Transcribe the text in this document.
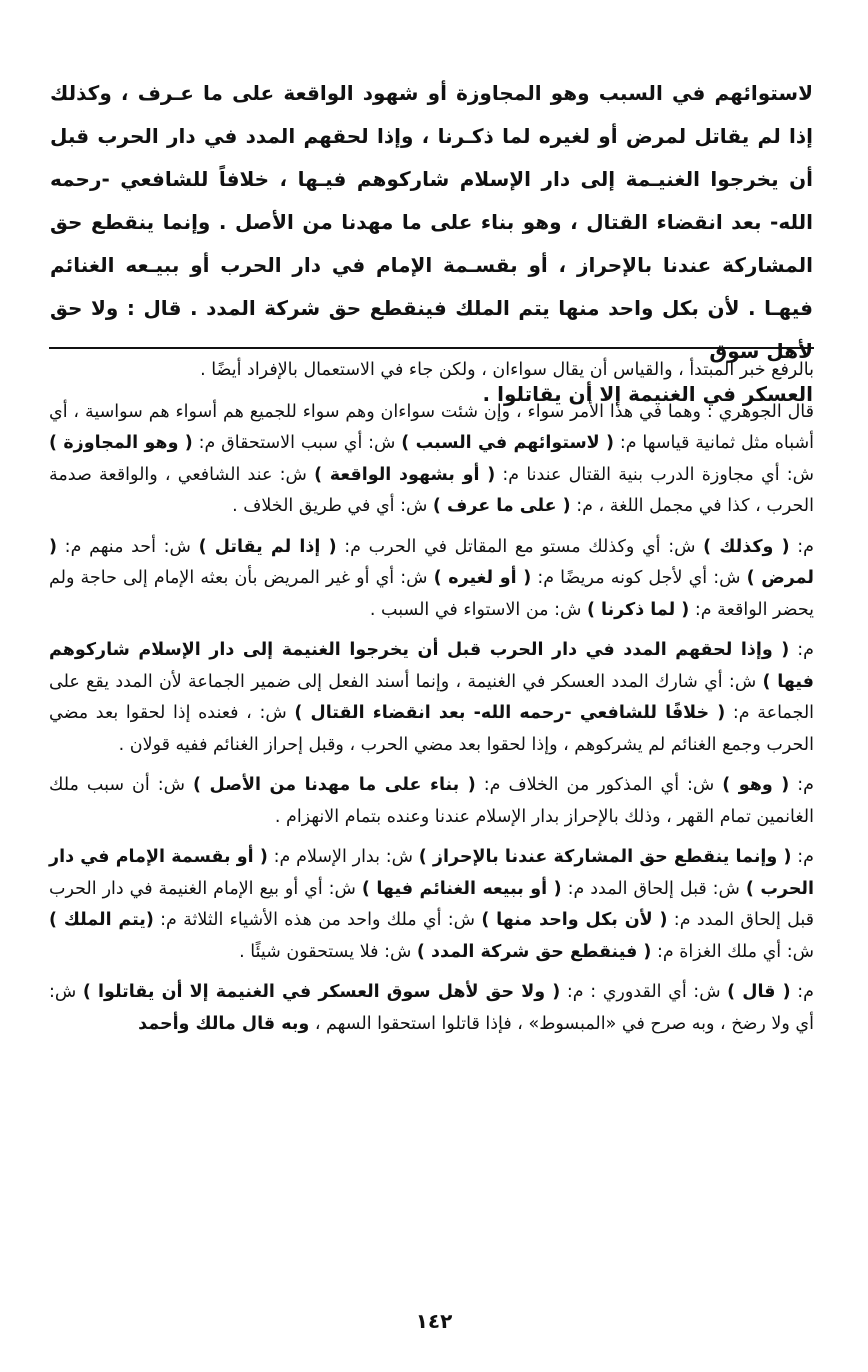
لاستوائهم في السبب وهو المجاوزة أو شهود الواقعة على ما عـرف ، وكذلك إذا لم يقاتل لمرض أو لغيره لما ذكـرنا ، وإذا لحقهم المدد في دار الحرب قبل أن يخرجوا الغنيـمة إلى دار الإسلام شاركوهم فيـها ، خلافاً للشافعي -رحمه الله- بعد انقضاء القتال ، وهو بناء على ما مهدنا من الأصل . وإنما ينقطع حق المشاركة عندنا بالإحراز ، أو بقسـمة الإمام في دار الحرب أو ببيـعه الغنائم فيهـا . لأن بكل واحد منها يتم الملك فينقطع حق شركة المدد . قال : ولا حق لأهل سوق
العسكر في الغنيمة إلا أن يقاتلوا .

بالرفع خبر المبتدأ ، والقياس أن يقال سواءان ، ولكن جاء في الاستعمال بالإفراد أيضًا .

قال الجوهري : وهما في هذا الأمر سواء ، وإن شئت سواءان وهم سواء للجميع هم أسواء هم سواسية ، أي أشباه مثل ثمانية قياسها م: ( لاستوائهم في السبب ) ش: أي سبب الاستحقاق م: ( وهو المجاوزة ) ش: أي مجاوزة الدرب بنية القتال عندنا م: ( أو بشهود الواقعة ) ش: عند الشافعي ، والواقعة صدمة الحرب ، كذا في مجمل اللغة ، م: ( على ما عرف ) ش: أي في طريق الخلاف .

م: ( وكذلك ) ش: أي وكذلك مستو مع المقاتل في الحرب م: ( إذا لم يقاتل ) ش: أحد منهم م: ( لمرض ) ش: أي لأجل كونه مريضًا م: ( أو لغيره ) ش: أي أو غير المريض بأن بعثه الإمام إلى حاجة ولم يحضر الواقعة م: ( لما ذكرنا ) ش: من الاستواء في السبب .

م: ( وإذا لحقهم المدد في دار الحرب قبل أن يخرجوا الغنيمة إلى دار الإسلام شاركوهم فيها ) ش: أي شارك المدد العسكر في الغنيمة ، وإنما أسند الفعل إلى ضمير الجماعة لأن المدد يقع على الجماعة م: ( خلافًا للشافعي -رحمه الله- بعد انقضاء القتال ) ش: ، فعنده إذا لحقوا بعد مضي الحرب وجمع الغنائم لم يشركوهم ، وإذا لحقوا بعد مضي الحرب ، وقبل إحراز الغنائم ففيه قولان .

م: ( وهو ) ش: أي المذكور من الخلاف م: ( بناء على ما مهدنا من الأصل ) ش: أن سبب ملك الغانمين تمام القهر ، وذلك بالإحراز بدار الإسلام عندنا وعنده بتمام الانهزام .

م: ( وإنما ينقطع حق المشاركة عندنا بالإحراز ) ش: بدار الإسلام م: ( أو بقسمة الإمام في دار الحرب ) ش: قبل إلحاق المدد م: ( أو ببيعه الغنائم فيها ) ش: أي أو بيع الإمام الغنيمة في دار الحرب قبل إلحاق المدد م: ( لأن بكل واحد منها ) ش: أي ملك واحد من هذه الأشياء الثلاثة م: (يتم الملك ) ش: أي ملك الغزاة م: ( فينقطع حق شركة المدد ) ش: فلا يستحقون شيئًا .

م: ( قال ) ش: أي القدوري : م: ( ولا حق لأهل سوق العسكر في الغنيمة إلا أن يقاتلوا ) ش: أي ولا رضخ ، وبه صرح في «المبسوط» ، فإذا قاتلوا استحقوا السهم ، وبه قال مالك وأحمد

١٤٢
